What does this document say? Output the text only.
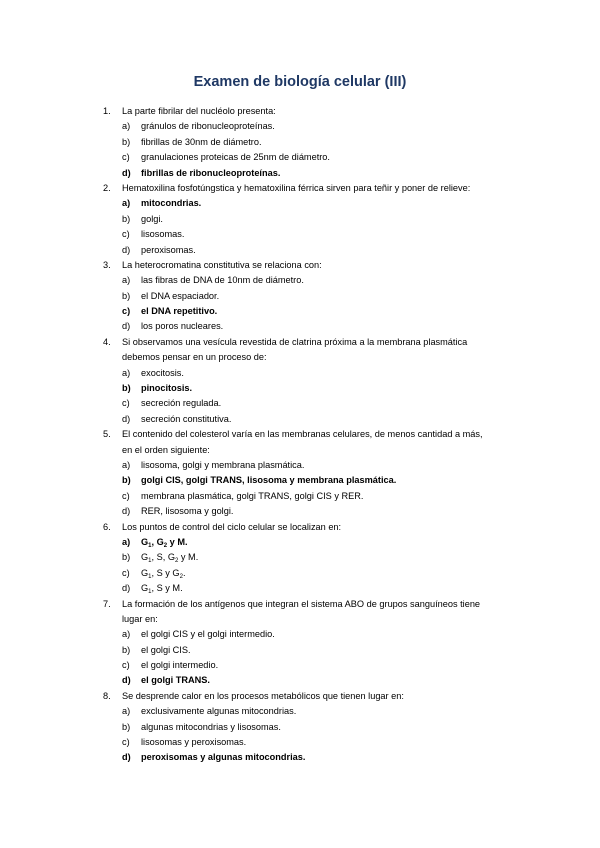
Examen de biología celular (III)
1. La parte fibrilar del nucléolo presenta:
a) gránulos de ribonucleoproteínas.
b) fibrillas de 30nm de diámetro.
c) granulaciones proteicas de 25nm de diámetro.
d) fibrillas de ribonucleoproteínas.
2. Hematoxilina fosfotúngstica y hematoxilina férrica sirven para teñir y poner de relieve:
a) mitocondrias.
b) golgi.
c) lisosomas.
d) peroxisomas.
3. La heterocromatina constitutiva se relaciona con:
a) las fibras de DNA de 10nm de diámetro.
b) el DNA espaciador.
c) el DNA repetitivo.
d) los poros nucleares.
4. Si observamos una vesícula revestida de clatrina próxima a la membrana plasmática
debemos pensar en un proceso de:
a) exocitosis.
b) pinocitosis.
c) secreción regulada.
d) secreción constitutiva.
5. El contenido del colesterol varía en las membranas celulares, de menos cantidad a más,
en el orden siguiente:
a) lisosoma, golgi y membrana plasmática.
b) golgi CIS, golgi TRANS, lisosoma y membrana plasmática.
c) membrana plasmática, golgi TRANS, golgi CIS y RER.
d) RER, lisosoma y golgi.
6. Los puntos de control del ciclo celular se localizan en:
a) $G_1$, $G_2$ y M.
b) $G_1$, S, $G_2$ y M.
c) $G_1$, S y $G_2$.
d) $G_1$, S y M.
7. La formación de los antígenos que integran el sistema ABO de grupos sanguíneos tiene
lugar en:
a) el golgi CIS y el golgi intermedio.
b) el golgi CIS.
c) el golgi intermedio.
d) el golgi TRANS.
8. Se desprende calor en los procesos metabólicos que tienen lugar en:
a) exclusivamente algunas mitocondrias.
b) algunas mitocondrias y lisosomas.
c) lisosomas y peroxisomas.
d) peroxisomas y algunas mitocondrias.
